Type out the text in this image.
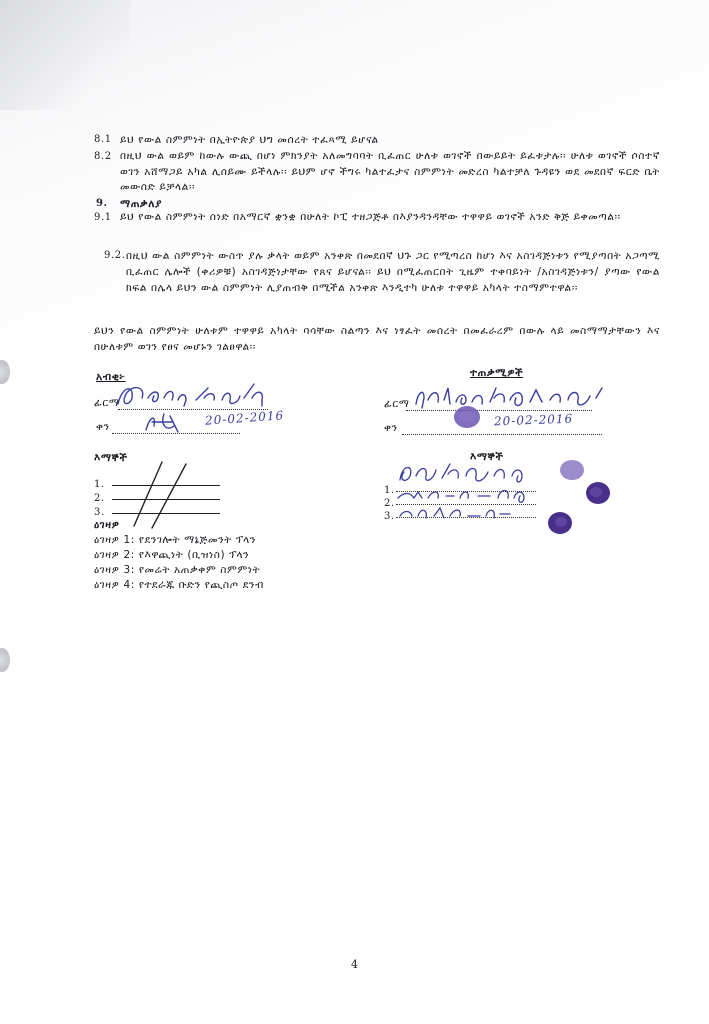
8.1 ይህ የውል ስምምነት በኢትዮጵያ ህግ መሰረት ተፈጻሚ ይሆናል
8.2 በዚህ ውል ወይም ከውሉ ውጪ በሆነ ምክንያት አለመግባባት ቢፈጠር ሁለቱ ወገኖች በውይይት ይፈቱታሉ፡፡ ሁለቱ ወገኖች ሶስተኛ ወገን አሸማጋይ አካል ሊሰይሙ ይችላሉ፡፡ ይህም ሆኖ ችግሩ ካልተፈታና ስምምነት መድረስ ካልተቻለ ጉዳዩን ወደ መደበኛ ፍርድ ቤት መውሰድ ይቻላል፡፡
9. ማጠቃለያ
9.1 ይህ የውል ስምምነት ሰነድ በአማርኛ ቋንቋ በሁለት ኮፒ ተዘጋጅቶ በእያንዳንዳቸው ተዋዋይ ወገኖች አንድ ቅጅ ይቀመጣል፡፡
9.2. በዚህ ውል ስምምነት ውስጥ ያሉ ቃላት ወይም አንቀጽ በመደበኛ ህጉ ጋር የሚጣረስ ከሆነ እና አስገዳጅነቱን የሚያጣበት አጋጣሚ ቢፈጠር ሌሎች (ቀሪዎቹ) አስገዳጅነታቸው የጸና ይሆናል፡፡ ይህ በሚፈጠርበት ጊዜም ተቀባይነት /አስገዳጅነቱን/ ያጣው የውል ክፍል በሌላ ይህን ውል ስምምነት ሊያጠብቅ በሚችል አንቀጽ እንዲተካ ሁለቱ ተዋዋይ አካላት ተስማምተዋል፡፡
ይህን የውል ስምምነት ሁለቱም ተዋዋይ አካላት ባሳቸው ስልጣን እና ነፃፈት መሰረት በመፈራረም በውሉ ላይ መስማማታቸውን እና በሁለቱም ወገን የፀና መሆኑን ገልፀዋል፡፡
አብቂ፦
ፊርማ
ቀን	20-02-2016
እማኞች
1.
2.
3.
ዕገዛዎ
ዕገዛዎ 1: የደንገሎት ማኔጅመንት ፕላን
ዕገዛዎ 2: የእዋጪነት (ቢዝነስ) ፕላን
ዕገዛዎ 3: የመሬት አጠቃቀም ስምምነት
ዕገዛዎ 4: የተደራጁ ቡድን የጪስጦ ደንብ
ተጠቃሚዎች
ፊርማ
ቀን	20-02-2016
እማኞች
1.
2.
3.
4
